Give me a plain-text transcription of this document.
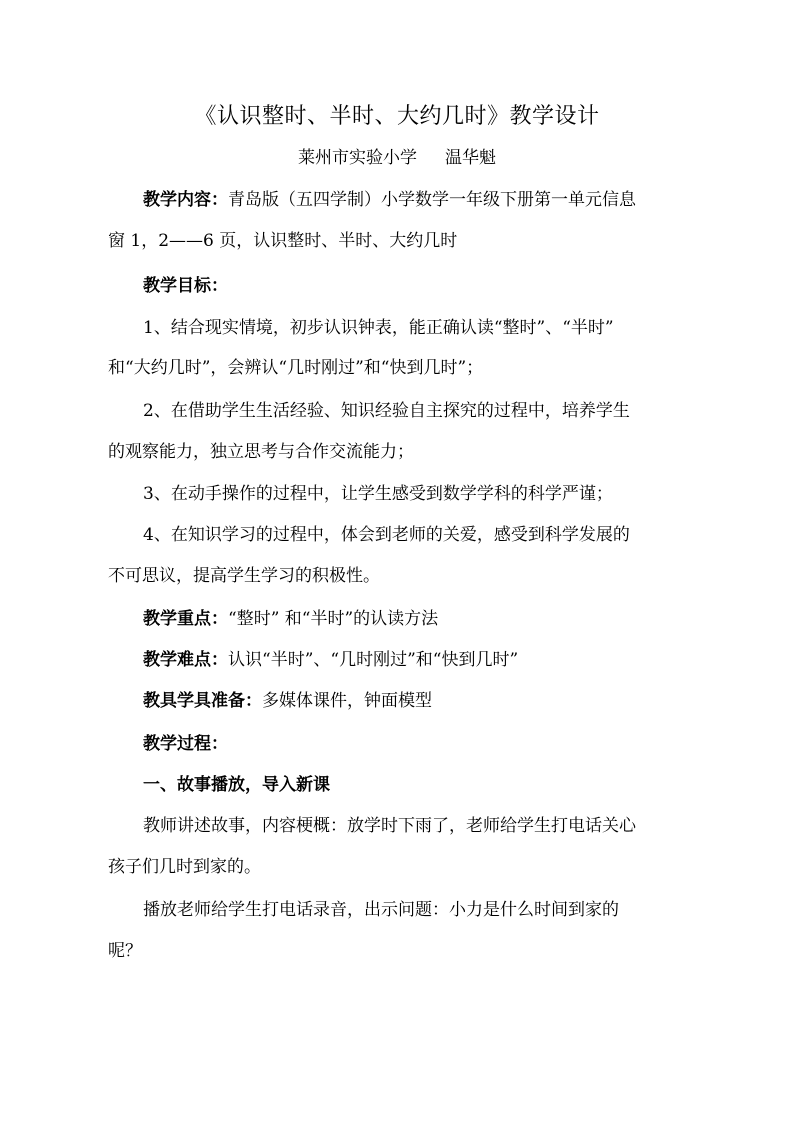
《认识整时、半时、大约几时》教学设计
莱州市实验小学 温华魁
教学内容：青岛版（五四学制）小学数学一年级下册第一单元信息
窗 1，2——6 页，认识整时、半时、大约几时
教学目标：
1、结合现实情境，初步认识钟表，能正确认读“整时”、“半时”
和“大约几时”，会辨认“几时刚过”和“快到几时”；
2、在借助学生生活经验、知识经验自主探究的过程中，培养学生
的观察能力，独立思考与合作交流能力；
3、在动手操作的过程中，让学生感受到数学学科的科学严谨；
4、在知识学习的过程中，体会到老师的关爱，感受到科学发展的
不可思议，提高学生学习的积极性。
教学重点：“整时” 和“半时”的认读方法
教学难点：认识“半时”、“几时刚过”和“快到几时”
教具学具准备：多媒体课件，钟面模型
教学过程：
一、故事播放，导入新课
教师讲述故事，内容梗概：放学时下雨了，老师给学生打电话关心
孩子们几时到家的。
播放老师给学生打电话录音，出示问题：小力是什么时间到家的
呢？
